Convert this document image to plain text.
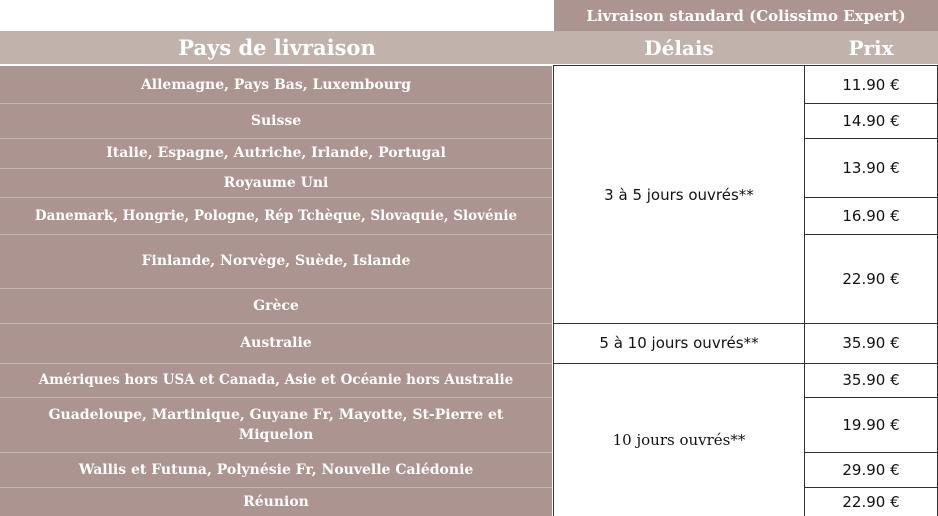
Livraison standard (Colissimo Expert)
Pays de livraison	Délais	Prix
Allemagne, Pays Bas, Luxembourg
Suisse
Italie, Espagne, Autriche, Irlande, Portugal
Royaume Uni
Danemark, Hongrie, Pologne, Rép Tchèque, Slovaquie, Slovénie
Finlande, Norvège, Suède, Islande
Grèce
Australie
Amériques hors USA et Canada, Asie et Océanie hors Australie
Guadeloupe, Martinique, Guyane Fr, Mayotte, St-Pierre et Miquelon
Wallis et Futuna, Polynésie Fr, Nouvelle Calédonie
Réunion
3 à 5 jours ouvrés**
5 à 10 jours ouvrés**
10 jours ouvrés**
11.90 €
14.90 €
13.90 €
16.90 €
22.90 €
35.90 €
35.90 €
19.90 €
29.90 €
22.90 €
